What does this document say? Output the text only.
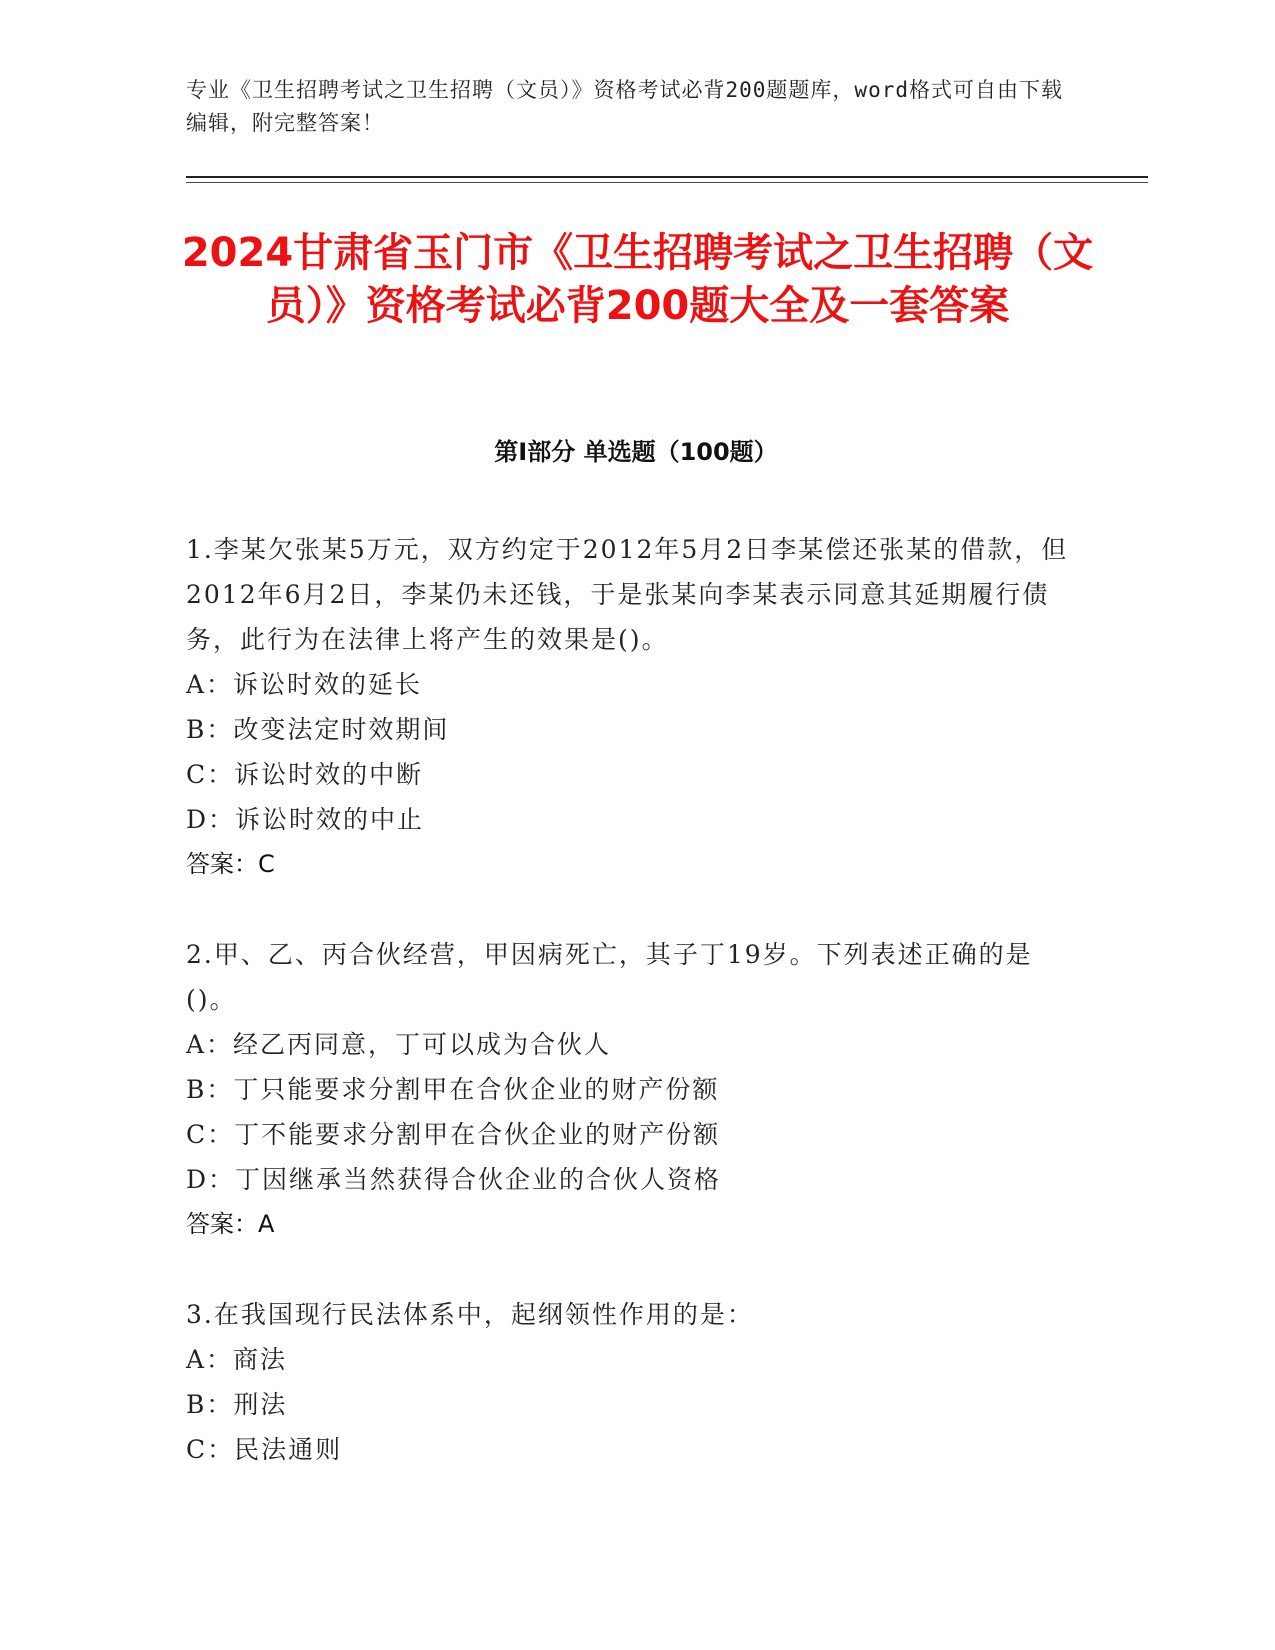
专业《卫生招聘考试之卫生招聘（文员）》资格考试必背200题题库，word格式可自由下载编辑，附完整答案！
2024甘肃省玉门市《卫生招聘考试之卫生招聘（文员）》资格考试必背200题大全及一套答案
第I部分 单选题（100题）
1.李某欠张某5万元，双方约定于2012年5月2日李某偿还张某的借款，但2012年6月2日，李某仍未还钱，于是张某向李某表示同意其延期履行债务，此行为在法律上将产生的效果是()。
A：诉讼时效的延长
B：改变法定时效期间
C：诉讼时效的中断
D：诉讼时效的中止
答案：C
2.甲、乙、丙合伙经营，甲因病死亡，其子丁19岁。下列表述正确的是()。
A：经乙丙同意，丁可以成为合伙人
B：丁只能要求分割甲在合伙企业的财产份额
C：丁不能要求分割甲在合伙企业的财产份额
D：丁因继承当然获得合伙企业的合伙人资格
答案：A
3.在我国现行民法体系中，起纲领性作用的是：
A：商法
B：刑法
C：民法通则
